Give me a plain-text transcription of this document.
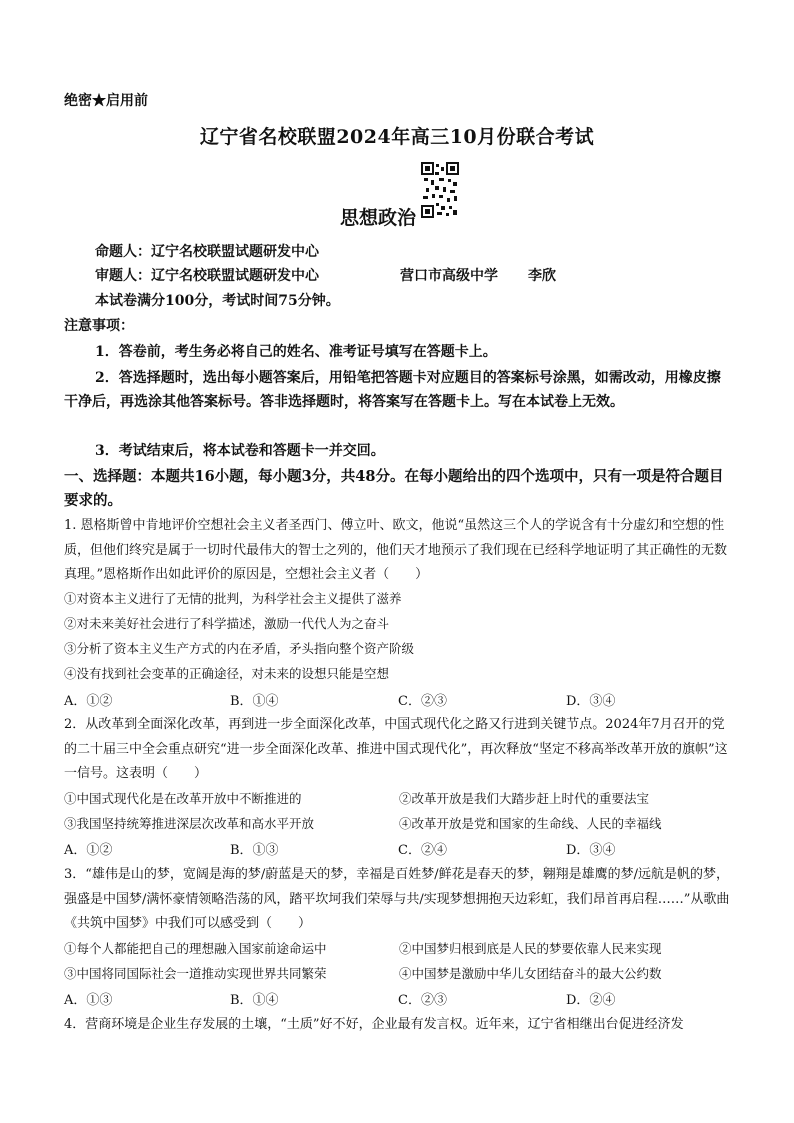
绝密★启用前
辽宁省名校联盟2024年高三10月份联合考试
思想政治
命题人：辽宁名校联盟试题研发中心
审题人：辽宁名校联盟试题研发中心	营口市高级中学 李欣
本试卷满分100分，考试时间75分钟。
注意事项：
1．答卷前，考生务必将自己的姓名、准考证号填写在答题卡上。
2．答选择题时，选出每小题答案后，用铅笔把答题卡对应题目的答案标号涂黑，如需改动，用橡皮擦干净后，再选涂其他答案标号。答非选择题时，将答案写在答题卡上。写在本试卷上无效。
3．考试结束后，将本试卷和答题卡一并交回。
一、选择题：本题共16小题，每小题3分，共48分。在每小题给出的四个选项中，只有一项是符合题目要求的。
1. 恩格斯曾中肯地评价空想社会主义者圣西门、傅立叶、欧文，他说“虽然这三个人的学说含有十分虚幻和空想的性质，但他们终究是属于一切时代最伟大的智士之列的，他们天才地预示了我们现在已经科学地证明了其正确性的无数真理。”恩格斯作出如此评价的原因是，空想社会主义者（　　）
①对资本主义进行了无情的批判，为科学社会主义提供了滋养
②对未来美好社会进行了科学描述，激励一代代人为之奋斗
③分析了资本主义生产方式的内在矛盾，矛头指向整个资产阶级
④没有找到社会变革的正确途径，对未来的设想只能是空想
A．①②	B．①④	C．②③	D．③④
2．从改革到全面深化改革，再到进一步全面深化改革，中国式现代化之路又行进到关键节点。2024年7月召开的党的二十届三中全会重点研究“进一步全面深化改革、推进中国式现代化”，再次释放“坚定不移高举改革开放的旗帜”这一信号。这表明（　　）
①中国式现代化是在改革开放中不断推进的	②改革开放是我们大踏步赶上时代的重要法宝
③我国坚持统筹推进深层次改革和高水平开放	④改革开放是党和国家的生命线、人民的幸福线
A．①②	B．①③	C．②④	D．③④
3．“雄伟是山的梦，宽阔是海的梦/蔚蓝是天的梦，幸福是百姓梦/鲜花是春天的梦，翱翔是雄鹰的梦/远航是帆的梦，强盛是中国梦/满怀豪情领略浩荡的风，踏平坎坷我们荣辱与共/实现梦想拥抱天边彩虹，我们昂首再启程……”从歌曲《共筑中国梦》中我们可以感受到（　　）
①每个人都能把自己的理想融入国家前途命运中	②中国梦归根到底是人民的梦要依靠人民来实现
③中国将同国际社会一道推动实现世界共同繁荣	④中国梦是激励中华儿女团结奋斗的最大公约数
A．①③	B．①④	C．②③	D．②④
4．营商环境是企业生存发展的土壤，“土质”好不好，企业最有发言权。近年来，辽宁省相继出台促进经济发
